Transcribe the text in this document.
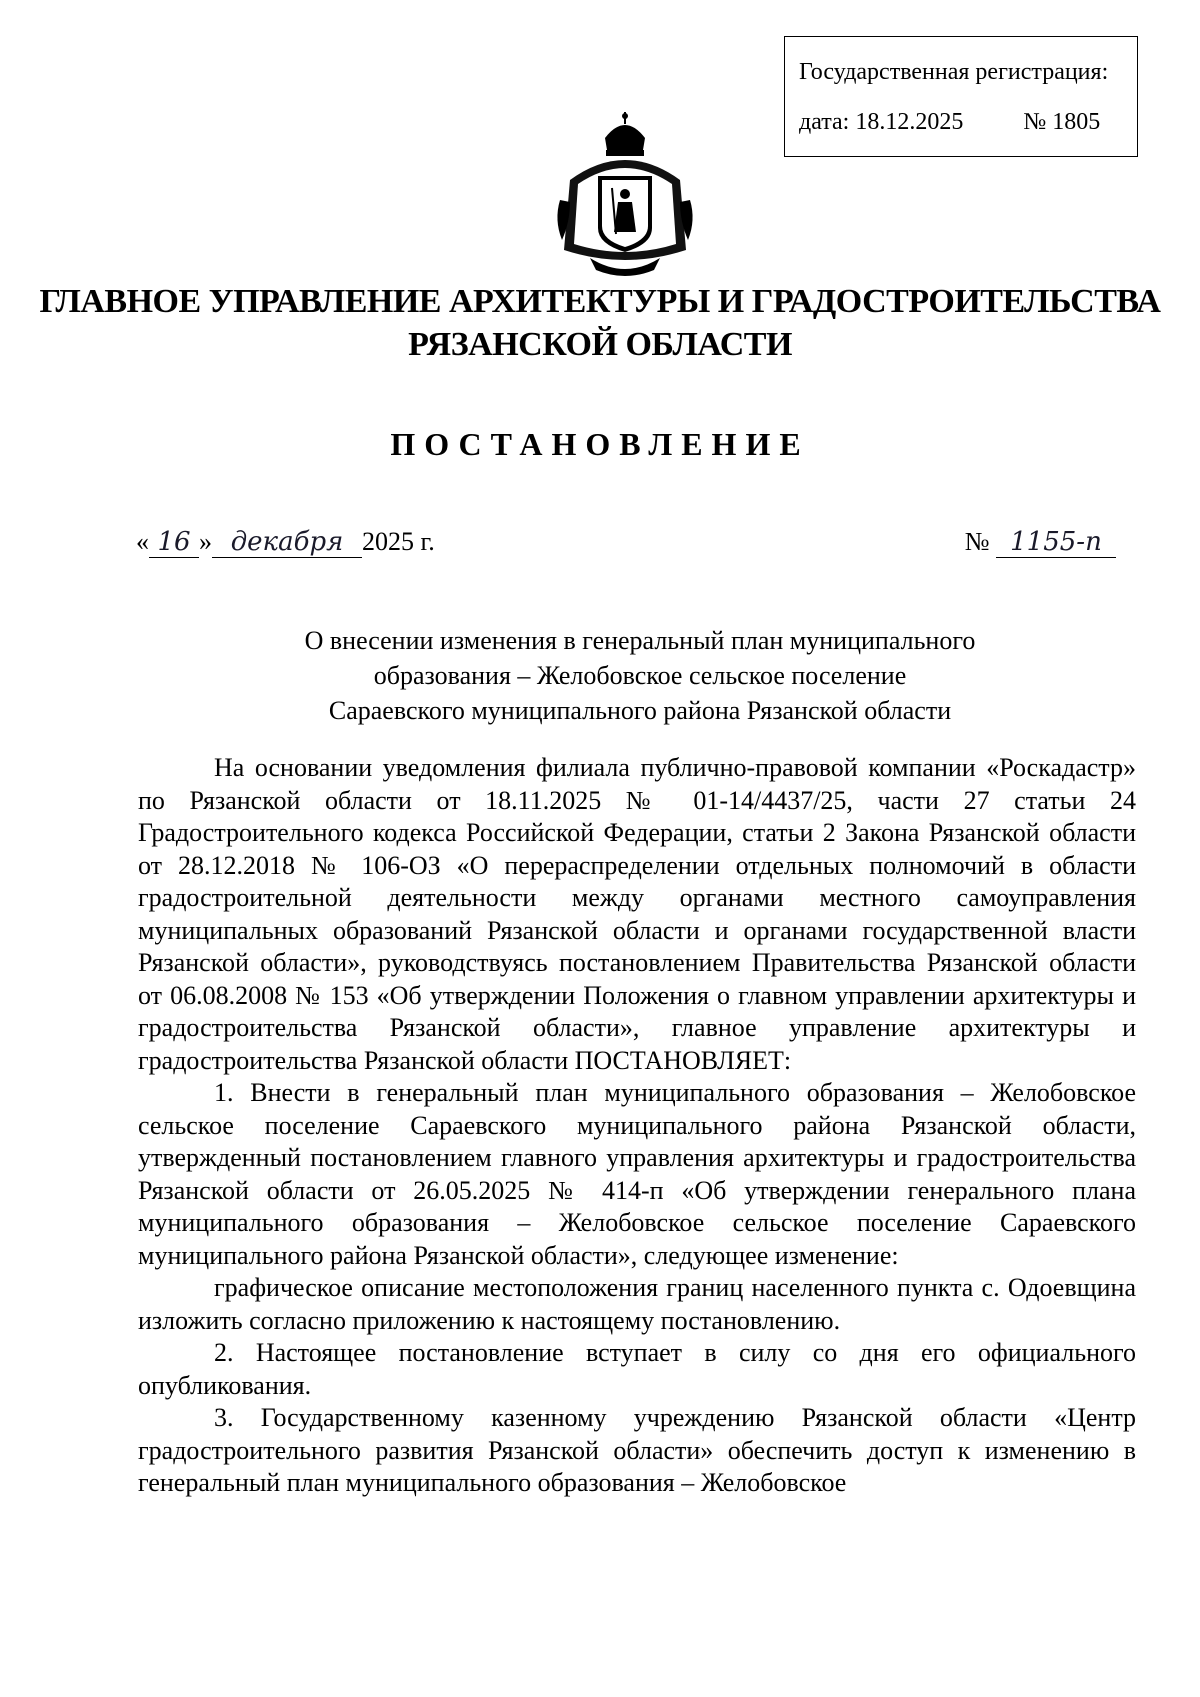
Государственная регистрация:
дата: 18.12.2025	№ 1805
ГЛАВНОЕ УПРАВЛЕНИЕ АРХИТЕКТУРЫ И ГРАДОСТРОИТЕЛЬСТВА
РЯЗАНСКОЙ ОБЛАСТИ
ПОСТАНОВЛЕНИЕ
« 16 » декабря 2025 г.	№ 1155-п
О внесении изменения в генеральный план муниципального
образования – Желобовское сельское поселение
Сараевского муниципального района Рязанской области

На основании уведомления филиала публично-правовой компании «Роскадастр» по Рязанской области от 18.11.2025 № 01-14/4437/25, части 27 статьи 24 Градостроительного кодекса Российской Федерации, статьи 2 Закона Рязанской области от 28.12.2018 № 106-ОЗ «О перераспределении отдельных полномочий в области градостроительной деятельности между органами местного самоуправления муниципальных образований Рязанской области и органами государственной власти Рязанской области», руководствуясь постановлением Правительства Рязанской области от 06.08.2008 № 153 «Об утверждении Положения о главном управлении архитектуры и градостроительства Рязанской области», главное управление архитектуры и градостроительства Рязанской области ПОСТАНОВЛЯЕТ:

1. Внести в генеральный план муниципального образования – Желобовское сельское поселение Сараевского муниципального района Рязанской области, утвержденный постановлением главного управления архитектуры и градостроительства Рязанской области от 26.05.2025 № 414-п «Об утверждении генерального плана муниципального образования – Желобовское сельское поселение Сараевского муниципального района Рязанской области», следующее изменение:

графическое описание местоположения границ населенного пункта с. Одоевщина изложить согласно приложению к настоящему постановлению.

2. Настоящее постановление вступает в силу со дня его официального опубликования.

3. Государственному казенному учреждению Рязанской области «Центр градостроительного развития Рязанской области» обеспечить доступ к изменению в генеральный план муниципального образования – Желобовское
